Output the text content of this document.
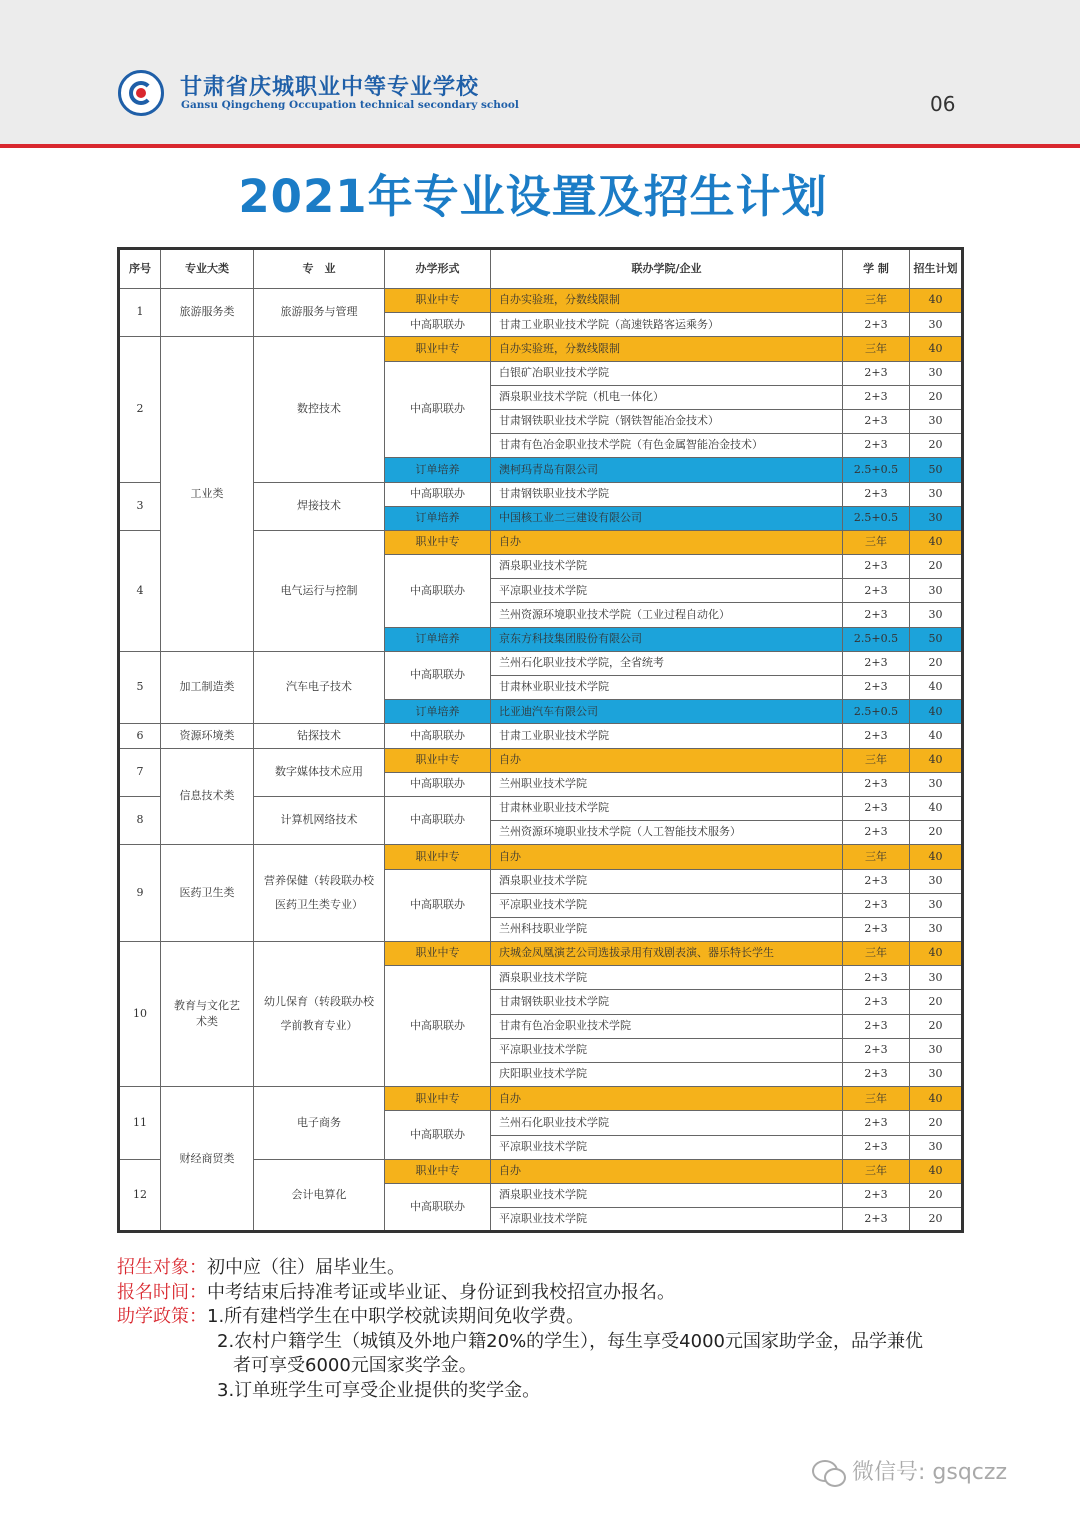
甘肃省庆城职业中等专业学校
Gansu Qingcheng Occupation technical secondary school	06
2021年专业设置及招生计划
序号	专业大类	专　业	办学形式	联办学院/企业	学 制	招生计划
1	旅游服务类	旅游服务与管理	职业中专	自办实验班，分数线限制	三年	40
			中高职联办	甘肃工业职业技术学院（高速铁路客运乘务）	2+3	30
2	工业类	数控技术	职业中专	自办实验班，分数线限制	三年	40
			中高职联办	白银矿冶职业技术学院	2+3	30
				酒泉职业技术学院（机电一体化）	2+3	20
				甘肃钢铁职业技术学院（钢铁智能冶金技术）	2+3	30
				甘肃有色冶金职业技术学院（有色金属智能冶金技术）	2+3	20
			订单培养	澳柯玛青岛有限公司	2.5+0.5	50
3		焊接技术	中高职联办	甘肃钢铁职业技术学院	2+3	30
			订单培养	中国核工业二三建设有限公司	2.5+0.5	30
4		电气运行与控制	职业中专	自办	三年	40
			中高职联办	酒泉职业技术学院	2+3	20
				平凉职业技术学院	2+3	30
				兰州资源环境职业技术学院（工业过程自动化）	2+3	30
			订单培养	京东方科技集团股份有限公司	2.5+0.5	50
5	加工制造类	汽车电子技术	中高职联办	兰州石化职业技术学院，全省统考	2+3	20
				甘肃林业职业技术学院	2+3	40
			订单培养	比亚迪汽车有限公司	2.5+0.5	40
6	资源环境类	钻探技术	中高职联办	甘肃工业职业技术学院	2+3	40
7	信息技术类	数字媒体技术应用	职业中专	自办	三年	40
			中高职联办	兰州职业技术学院	2+3	30
8		计算机网络技术	中高职联办	甘肃林业职业技术学院	2+3	40
				兰州资源环境职业技术学院（人工智能技术服务）	2+3	20
9	医药卫生类	营养保健（转段联办校医药卫生类专业）	职业中专	自办	三年	40
			中高职联办	酒泉职业技术学院	2+3	30
				平凉职业技术学院	2+3	30
				兰州科技职业学院	2+3	30
10	教育与文化艺术类	幼儿保育（转段联办校学前教育专业）	职业中专	庆城金凤凰演艺公司选拔录用有戏剧表演、器乐特长学生	三年	40
			中高职联办	酒泉职业技术学院	2+3	30
				甘肃钢铁职业技术学院	2+3	20
				甘肃有色冶金职业技术学院	2+3	20
				平凉职业技术学院	2+3	30
				庆阳职业技术学院	2+3	30
11	财经商贸类	电子商务	职业中专	自办	三年	40
			中高职联办	兰州石化职业技术学院	2+3	20
				平凉职业技术学院	2+3	30
12		会计电算化	职业中专	自办	三年	40
			中高职联办	酒泉职业技术学院	2+3	20
				平凉职业技术学院	2+3	20
招生对象：初中应（往）届毕业生。
报名时间：中考结束后持准考证或毕业证、身份证到我校招宣办报名。
助学政策：1.所有建档学生在中职学校就读期间免收学费。
2.农村户籍学生（城镇及外地户籍20%的学生），每生享受4000元国家助学金，品学兼优
者可享受6000元国家奖学金。
3.订单班学生可享受企业提供的奖学金。
微信号: gsqczz
